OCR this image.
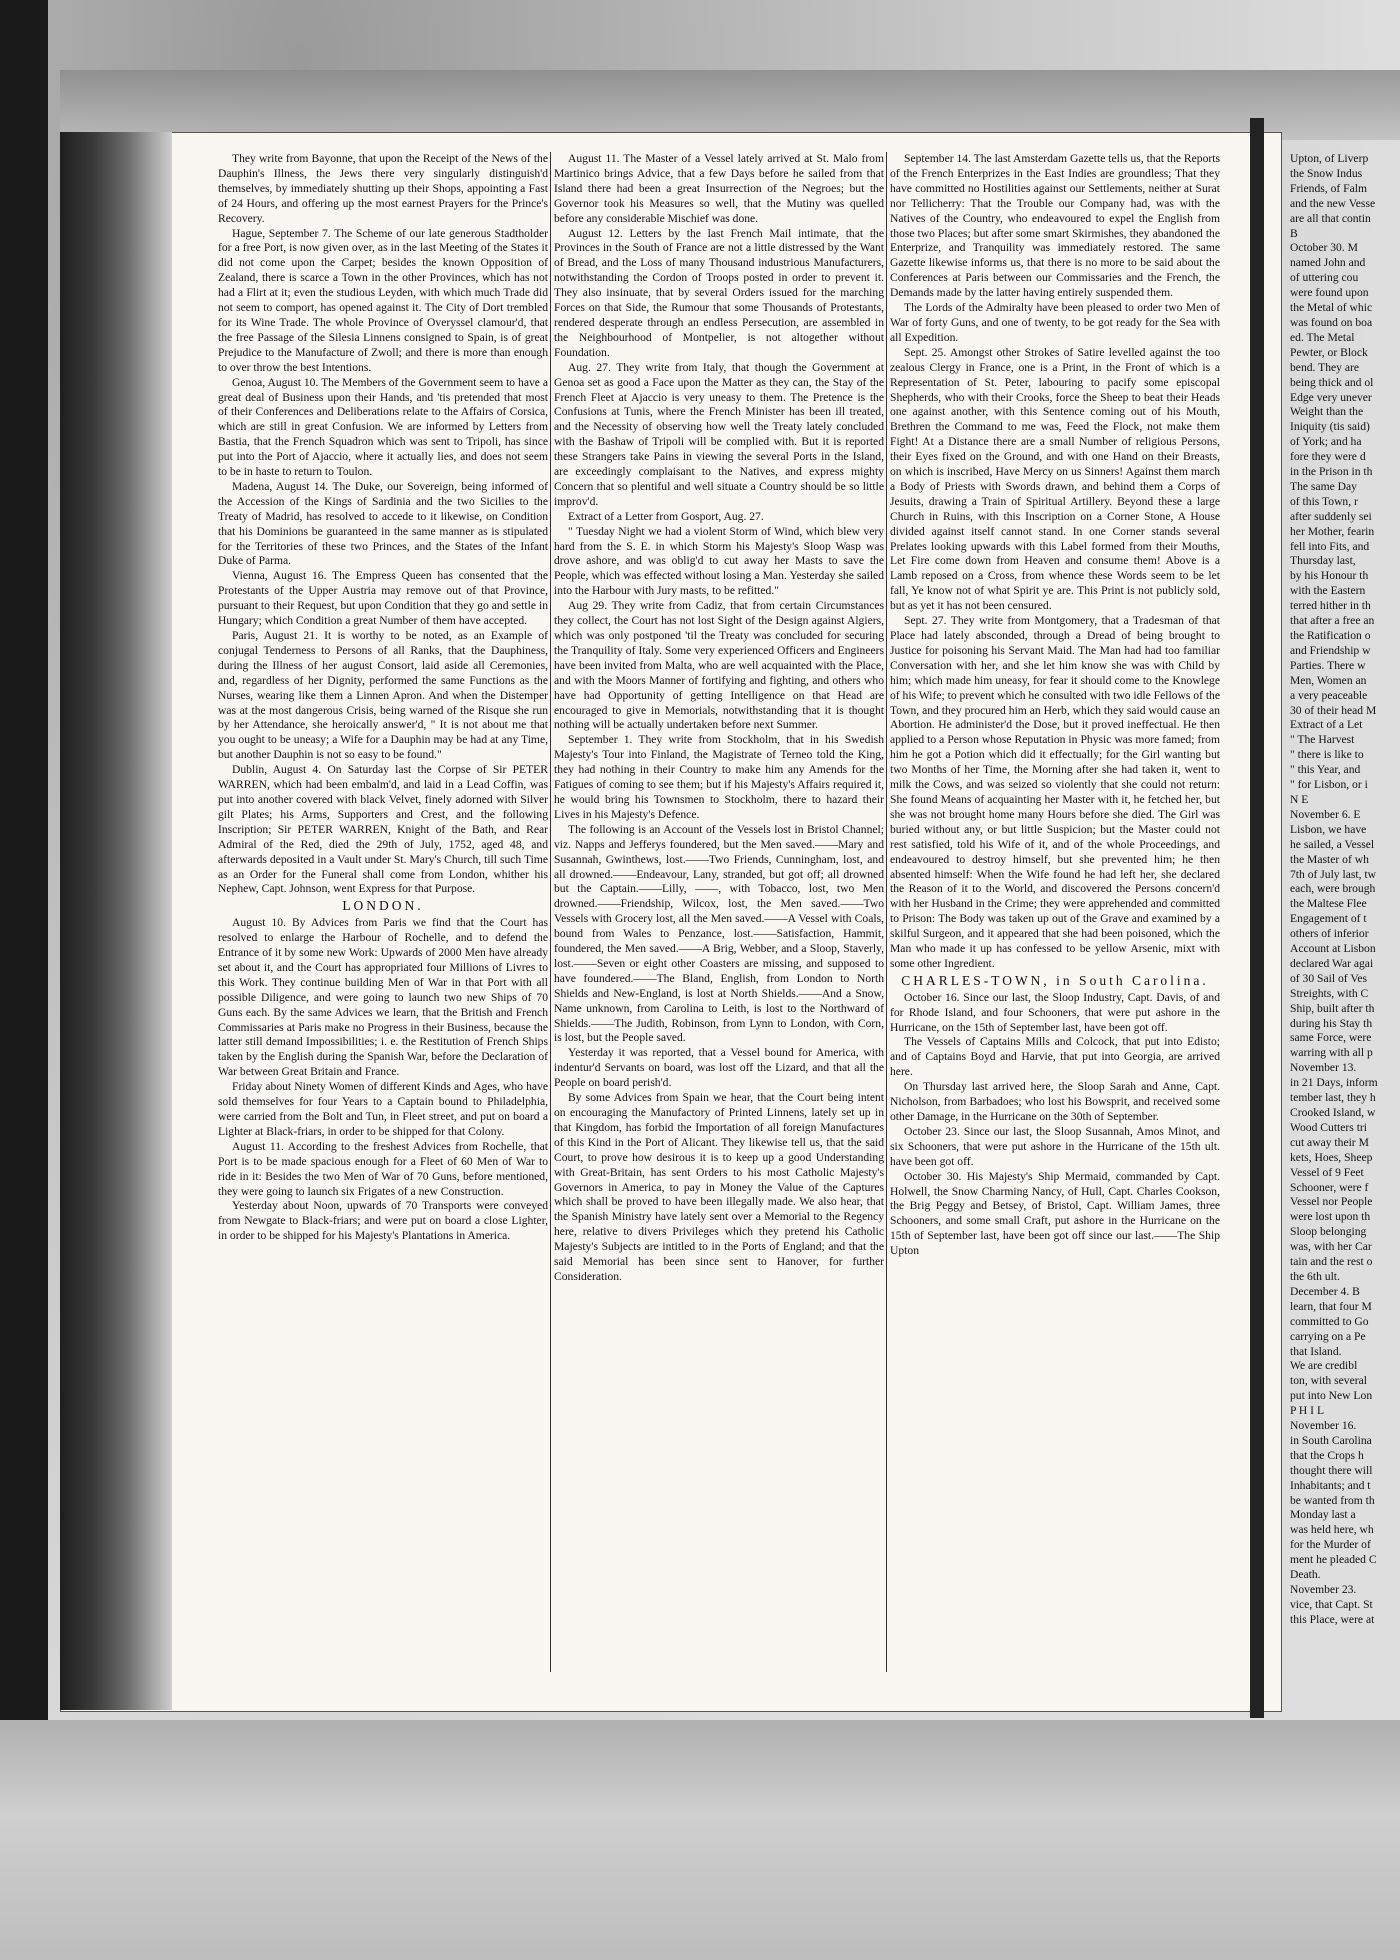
They write from Bayonne, that upon the Receipt of the News of the Dauphin's Illness, the Jews there very singularly distinguish'd themselves, by immediately shutting up their Shops, appointing a Fast of 24 Hours, and offering up the most earnest Prayers for the Prince's Recovery.

Hague, September 7. The Scheme of our late generous Stadtholder for a free Port, is now given over, as in the last Meeting of the States it did not come upon the Carpet; besides the known Opposition of Zealand, there is scarce a Town in the other Provinces, which has not had a Flirt at it; even the studious Leyden, with which much Trade did not seem to comport, has opened against it. The City of Dort trembled for its Wine Trade. The whole Province of Overyssel clamour'd, that the free Passage of the Silesia Linnens consigned to Spain, is of great Prejudice to the Manufacture of Zwoll; and there is more than enough to over throw the best Intentions.

Genoa, August 10. The Members of the Government seem to have a great deal of Business upon their Hands, and 'tis pretended that most of their Conferences and Deliberations relate to the Affairs of Corsica, which are still in great Confusion. We are informed by Letters from Bastia, that the French Squadron which was sent to Tripoli, has since put into the Port of Ajaccio, where it actually lies, and does not seem to be in haste to return to Toulon.

Madena, August 14. The Duke, our Sovereign, being informed of the Accession of the Kings of Sardinia and the two Sicilies to the Treaty of Madrid, has resolved to accede to it likewise, on Condition that his Dominions be guaranteed in the same manner as is stipulated for the Territories of these two Princes, and the States of the Infant Duke of Parma.

Vienna, August 16. The Empress Queen has consented that the Protestants of the Upper Austria may remove out of that Province, pursuant to their Request, but upon Condition that they go and settle in Hungary; which Condition a great Number of them have accepted.

Paris, August 21. It is worthy to be noted, as an Example of conjugal Tenderness to Persons of all Ranks, that the Dauphiness, during the Illness of her august Consort, laid aside all Ceremonies, and, regardless of her Dignity, performed the same Functions as the Nurses, wearing like them a Linnen Apron. And when the Distemper was at the most dangerous Crisis, being warned of the Risque she run by her Attendance, she heroically answer'd, " It is not about me that you ought to be uneasy; a Wife for a Dauphin may be had at any Time, but another Dauphin is not so easy to be found."

Dublin, August 4. On Saturday last the Corpse of Sir PETER WARREN, which had been embalm'd, and laid in a Lead Coffin, was put into another covered with black Velvet, finely adorned with Silver gilt Plates; his Arms, Supporters and Crest, and the following Inscription; Sir PETER WARREN, Knight of the Bath, and Rear Admiral of the Red, died the 29th of July, 1752, aged 48, and afterwards deposited in a Vault under St. Mary's Church, till such Time as an Order for the Funeral shall come from London, whither his Nephew, Capt. Johnson, went Express for that Purpose.

LONDON.

August 10. By Advices from Paris we find that the Court has resolved to enlarge the Harbour of Rochelle, and to defend the Entrance of it by some new Work: Upwards of 2000 Men have already set about it, and the Court has appropriated four Millions of Livres to this Work. They continue building Men of War in that Port with all possible Diligence, and were going to launch two new Ships of 70 Guns each. By the same Advices we learn, that the British and French Commissaries at Paris make no Progress in their Business, because the latter still demand Impossibilities; i. e. the Restitution of French Ships taken by the English during the Spanish War, before the Declaration of War between Great Britain and France.

Friday about Ninety Women of different Kinds and Ages, who have sold themselves for four Years to a Captain bound to Philadelphia, were carried from the Bolt and Tun, in Fleet street, and put on board a Lighter at Black-friars, in order to be shipped for that Colony.

August 11. According to the freshest Advices from Rochelle, that Port is to be made spacious enough for a Fleet of 60 Men of War to ride in it: Besides the two Men of War of 70 Guns, before mentioned, they were going to launch six Frigates of a new Construction.

Yesterday about Noon, upwards of 70 Transports were conveyed from Newgate to Black-friars; and were put on board a close Lighter, in order to be shipped for his Majesty's Plantations in America.

August 11. The Master of a Vessel lately arrived at St. Malo from Martinico brings Advice, that a few Days before he sailed from that Island there had been a great Insurrection of the Negroes; but the Governor took his Measures so well, that the Mutiny was quelled before any considerable Mischief was done.

August 12. Letters by the last French Mail intimate, that the Provinces in the South of France are not a little distressed by the Want of Bread, and the Loss of many Thousand industrious Manufacturers, notwithstanding the Cordon of Troops posted in order to prevent it. They also insinuate, that by several Orders issued for the marching Forces on that Side, the Rumour that some Thousands of Protestants, rendered desperate through an endless Persecution, are assembled in the Neighbourhood of Montpelier, is not altogether without Foundation.

Aug. 27. They write from Italy, that though the Government at Genoa set as good a Face upon the Matter as they can, the Stay of the French Fleet at Ajaccio is very uneasy to them. The Pretence is the Confusions at Tunis, where the French Minister has been ill treated, and the Necessity of observing how well the Treaty lately concluded with the Bashaw of Tripoli will be complied with. But it is reported these Strangers take Pains in viewing the several Ports in the Island, are exceedingly complaisant to the Natives, and express mighty Concern that so plentiful and well situate a Country should be so little improv'd.

Extract of a Letter from Gosport, Aug. 27.

" Tuesday Night we had a violent Storm of Wind, which blew very hard from the S. E. in which Storm his Majesty's Sloop Wasp was drove ashore, and was oblig'd to cut away her Masts to save the People, which was effected without losing a Man. Yesterday she sailed into the Harbour with Jury masts, to be refitted."

Aug 29. They write from Cadiz, that from certain Circumstances they collect, the Court has not lost Sight of the Design against Algiers, which was only postponed 'til the Treaty was concluded for securing the Tranquility of Italy. Some very experienced Officers and Engineers have been invited from Malta, who are well acquainted with the Place, and with the Moors Manner of fortifying and fighting, and others who have had Opportunity of getting Intelligence on that Head are encouraged to give in Memorials, notwithstanding that it is thought nothing will be actually undertaken before next Summer.

September 1. They write from Stockholm, that in his Swedish Majesty's Tour into Finland, the Magistrate of Terneo told the King, they had nothing in their Country to make him any Amends for the Fatigues of coming to see them; but if his Majesty's Affairs required it, he would bring his Townsmen to Stockholm, there to hazard their Lives in his Majesty's Defence.

The following is an Account of the Vessels lost in Bristol Channel; viz. Napps and Jefferys foundered, but the Men saved.——Mary and Susannah, Gwinthews, lost.——Two Friends, Cunningham, lost, and all drowned.——Endeavour, Lany, stranded, but got off; all drowned but the Captain.——Lilly, ——, with Tobacco, lost, two Men drowned.——Friendship, Wilcox, lost, the Men saved.——Two Vessels with Grocery lost, all the Men saved.——A Vessel with Coals, bound from Wales to Penzance, lost.——Satisfaction, Hammit, foundered, the Men saved.——A Brig, Webber, and a Sloop, Staverly, lost.——Seven or eight other Coasters are missing, and supposed to have foundered.——The Bland, English, from London to North Shields and New-England, is lost at North Shields.——And a Snow, Name unknown, from Carolina to Leith, is lost to the Northward of Shields.——The Judith, Robinson, from Lynn to London, with Corn, is lost, but the People saved.

Yesterday it was reported, that a Vessel bound for America, with indentur'd Servants on board, was lost off the Lizard, and that all the People on board perish'd.

By some Advices from Spain we hear, that the Court being intent on encouraging the Manufactory of Printed Linnens, lately set up in that Kingdom, has forbid the Importation of all foreign Manufactures of this Kind in the Port of Alicant. They likewise tell us, that the said Court, to prove how desirous it is to keep up a good Understanding with Great-Britain, has sent Orders to his most Catholic Majesty's Governors in America, to pay in Money the Value of the Captures which shall be proved to have been illegally made. We also hear, that the Spanish Ministry have lately sent over a Memorial to the Regency here, relative to divers Privileges which they pretend his Catholic Majesty's Subjects are intitled to in the Ports of England; and that the said Memorial has been since sent to Hanover, for further Consideration.

September 14. The last Amsterdam Gazette tells us, that the Reports of the French Enterprizes in the East Indies are groundless; That they have committed no Hostilities against our Settlements, neither at Surat nor Tellicherry: That the Trouble our Company had, was with the Natives of the Country, who endeavoured to expel the English from those two Places; but after some smart Skirmishes, they abandoned the Enterprize, and Tranquility was immediately restored. The same Gazette likewise informs us, that there is no more to be said about the Conferences at Paris between our Commissaries and the French, the Demands made by the latter having entirely suspended them.

The Lords of the Admiralty have been pleased to order two Men of War of forty Guns, and one of twenty, to be got ready for the Sea with all Expedition.

Sept. 25. Amongst other Strokes of Satire levelled against the too zealous Clergy in France, one is a Print, in the Front of which is a Representation of St. Peter, labouring to pacify some episcopal Shepherds, who with their Crooks, force the Sheep to beat their Heads one against another, with this Sentence coming out of his Mouth, Brethren the Command to me was, Feed the Flock, not make them Fight! At a Distance there are a small Number of religious Persons, their Eyes fixed on the Ground, and with one Hand on their Breasts, on which is inscribed, Have Mercy on us Sinners! Against them march a Body of Priests with Swords drawn, and behind them a Corps of Jesuits, drawing a Train of Spiritual Artillery. Beyond these a large Church in Ruins, with this Inscription on a Corner Stone, A House divided against itself cannot stand. In one Corner stands several Prelates looking upwards with this Label formed from their Mouths, Let Fire come down from Heaven and consume them! Above is a Lamb reposed on a Cross, from whence these Words seem to be let fall, Ye know not of what Spirit ye are. This Print is not publicly sold, but as yet it has not been censured.

Sept. 27. They write from Montgomery, that a Tradesman of that Place had lately absconded, through a Dread of being brought to Justice for poisoning his Servant Maid. The Man had had too familiar Conversation with her, and she let him know she was with Child by him; which made him uneasy, for fear it should come to the Knowlege of his Wife; to prevent which he consulted with two idle Fellows of the Town, and they procured him an Herb, which they said would cause an Abortion. He administer'd the Dose, but it proved ineffectual. He then applied to a Person whose Reputation in Physic was more famed; from him he got a Potion which did it effectually; for the Girl wanting but two Months of her Time, the Morning after she had taken it, went to milk the Cows, and was seized so violently that she could not return: She found Means of acquainting her Master with it, he fetched her, but she was not brought home many Hours before she died. The Girl was buried without any, or but little Suspicion; but the Master could not rest satisfied, told his Wife of it, and of the whole Proceedings, and endeavoured to destroy himself, but she prevented him; he then absented himself: When the Wife found he had left her, she declared the Reason of it to the World, and discovered the Persons concern'd with her Husband in the Crime; they were apprehended and committed to Prison: The Body was taken up out of the Grave and examined by a skilful Surgeon, and it appeared that she had been poisoned, which the Man who made it up has confessed to be yellow Arsenic, mixt with some other Ingredient.

CHARLES-TOWN, in South Carolina.

October 16. Since our last, the Sloop Industry, Capt. Davis, of and for Rhode Island, and four Schooners, that were put ashore in the Hurricane, on the 15th of September last, have been got off.

The Vessels of Captains Mills and Colcock, that put into Edisto; and of Captains Boyd and Harvie, that put into Georgia, are arrived here.

On Thursday last arrived here, the Sloop Sarah and Anne, Capt. Nicholson, from Barbadoes; who lost his Bowsprit, and received some other Damage, in the Hurricane on the 30th of September.

October 23. Since our last, the Sloop Susannah, Amos Minot, and six Schooners, that were put ashore in the Hurricane of the 15th ult. have been got off.

October 30. His Majesty's Ship Mermaid, commanded by Capt. Holwell, the Snow Charming Nancy, of Hull, Capt. Charles Cookson, the Brig Peggy and Betsey, of Bristol, Capt. William James, three Schooners, and some small Craft, put ashore in the Hurricane on the 15th of September last, have been got off since our last.——The Ship Upton

Upton, of Liverp
the Snow Indus
Friends, of Falm
and the new Vesse
are all that contin
B
October 30. M
named John and
of uttering cou
were found upon
the Metal of whic
was found on boa
ed. The Metal
Pewter, or Block
bend. They are
being thick and ol
Edge very unever
Weight than the
Iniquity (tis said)
of York; and ha
fore they were d
in the Prison in th
The same Day
of this Town, r
after suddenly sei
her Mother, fearin
fell into Fits, and
Thursday last,
by his Honour th
with the Eastern
terred hither in th
that after a free an
the Ratification o
and Friendship w
Parties. There w
Men, Women an
a very peaceable
30 of their head M
Extract of a Let
" The Harvest
" there is like to
" this Year, and
" for Lisbon, or i
N E
November 6. E
Lisbon, we have
he sailed, a Vessel
the Master of wh
7th of July last, tw
each, were brough
the Maltese Flee
Engagement of t
others of inferior
Account at Lisbon
declared War agai
of 30 Sail of Ves
Streights, with C
Ship, built after th
during his Stay th
same Force, were
warring with all p
November 13.
in 21 Days, inform
tember last, they h
Crooked Island, w
Wood Cutters tri
cut away their M
kets, Hoes, Sheep
Vessel of 9 Feet
Schooner, were f
Vessel nor People
were lost upon th
Sloop belonging
was, with her Car
tain and the rest o
the 6th ult.
December 4. B
learn, that four M
committed to Go
carrying on a Pe
that Island.
We are credibl
ton, with several
put into New Lon
P H I L
November 16.
in South Carolina
that the Crops h
thought there will
Inhabitants; and t
be wanted from th
Monday last a
was held here, wh
for the Murder of
ment he pleaded C
Death.
November 23.
vice, that Capt. St
this Place, were at
